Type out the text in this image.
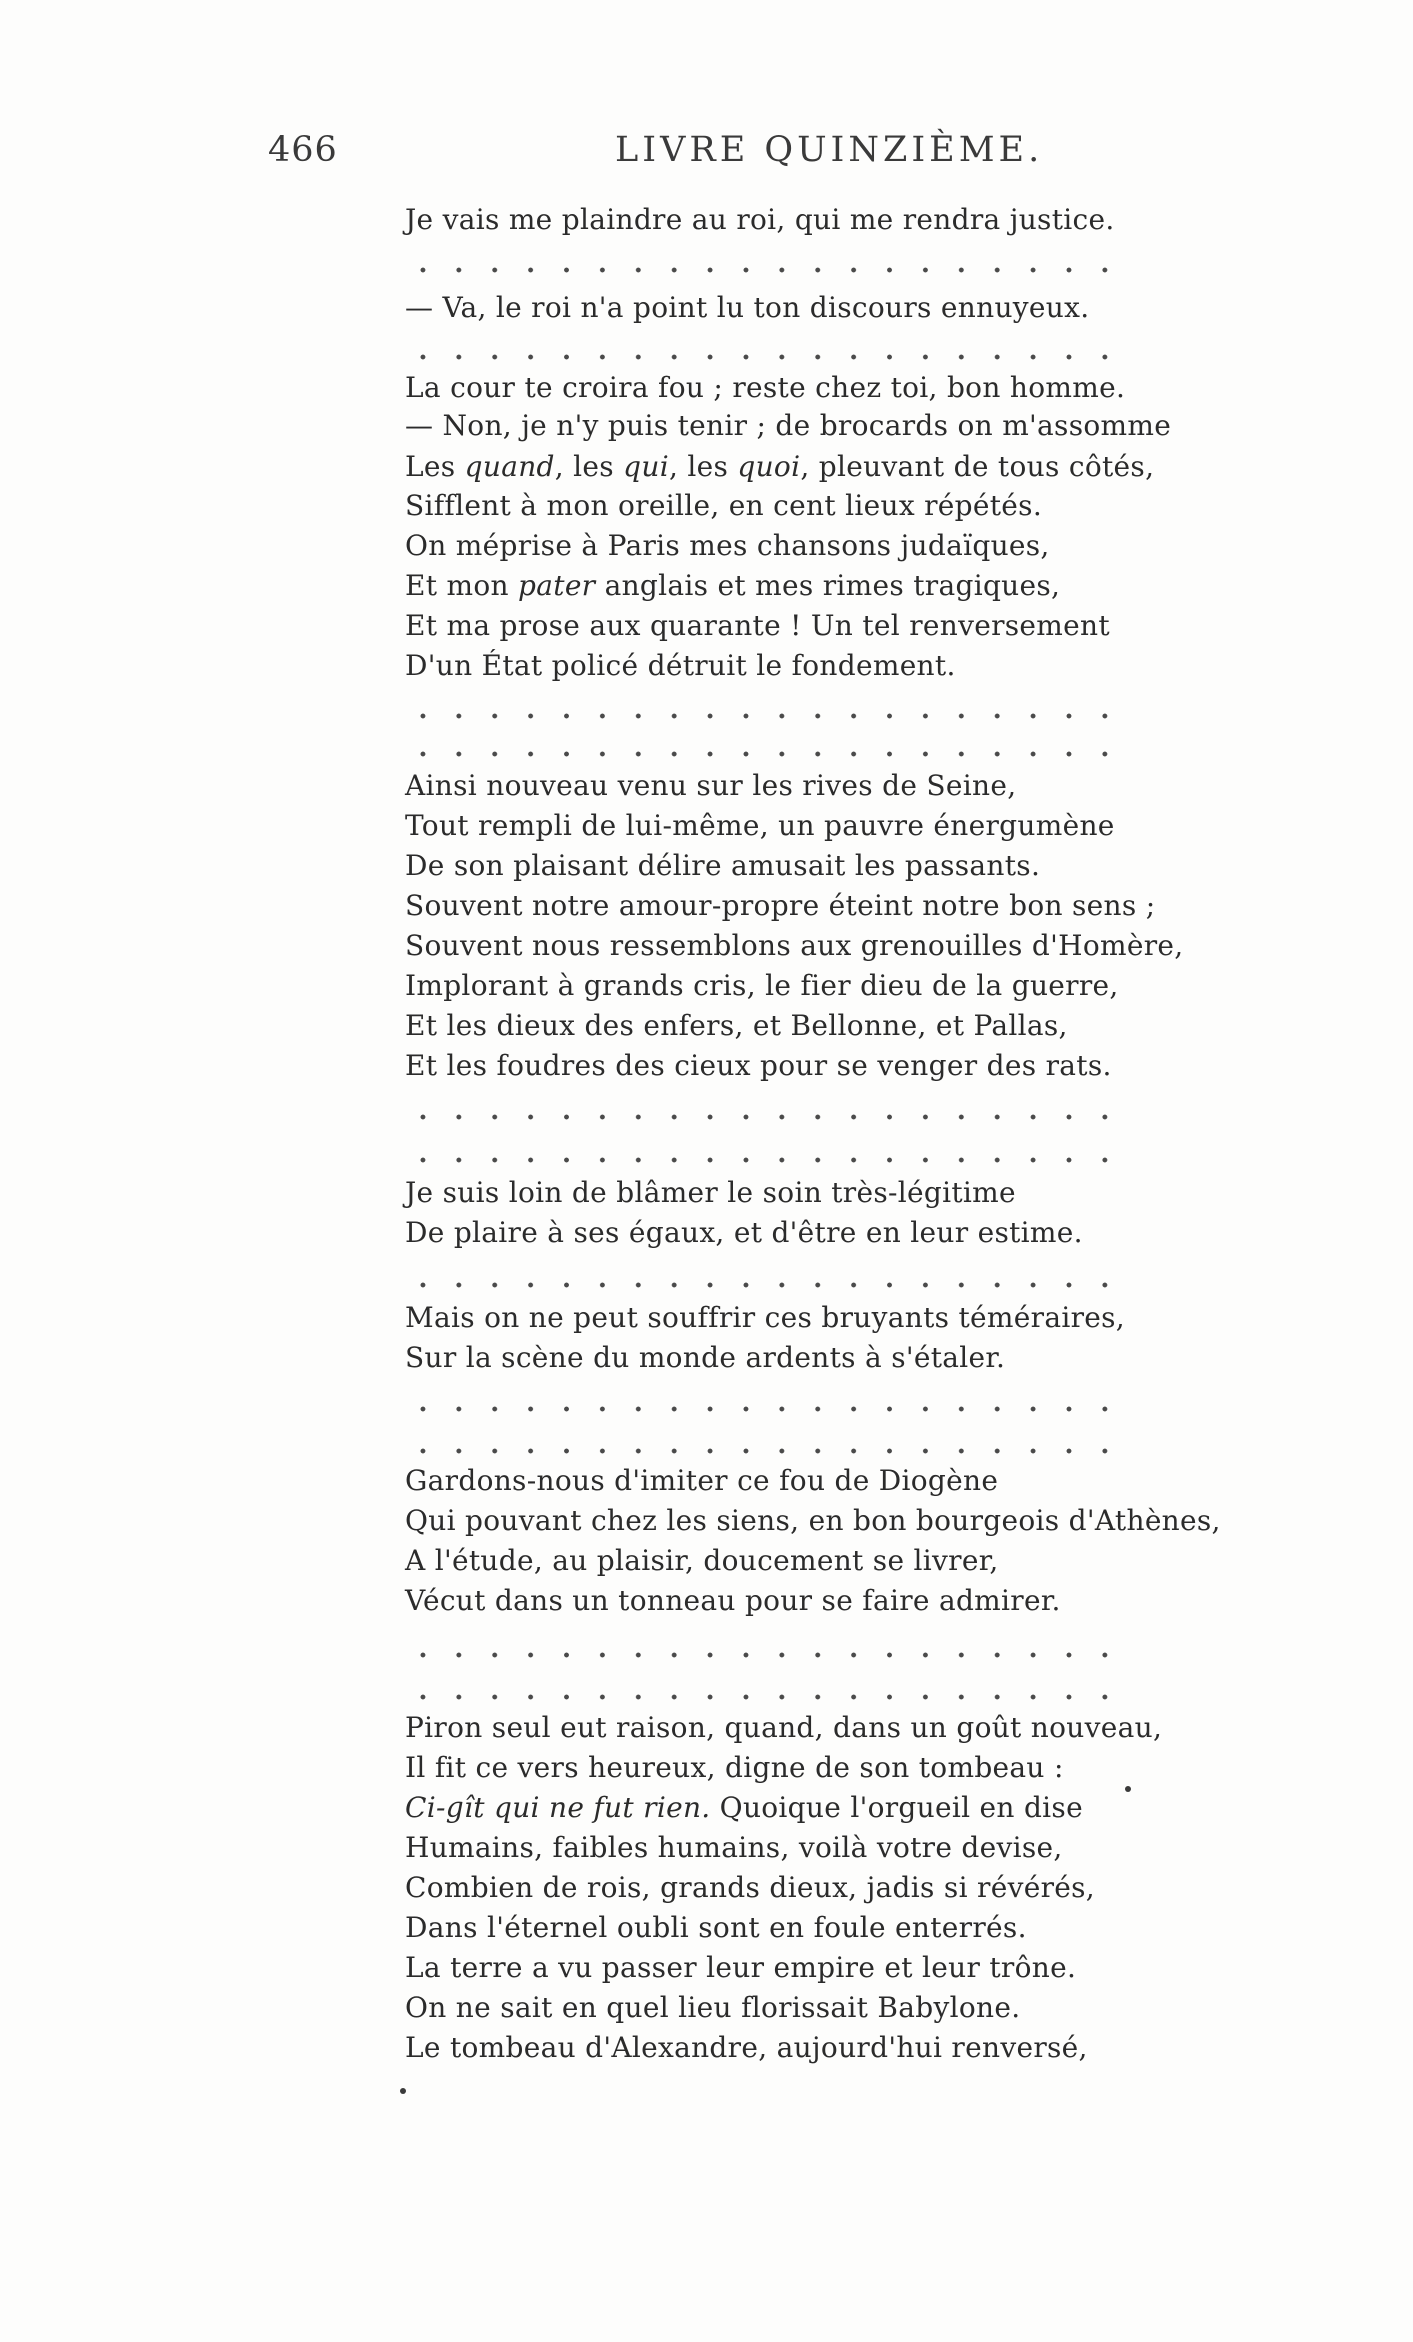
466	LIVRE QUINZIÈME.
Je vais me plaindre au roi, qui me rendra justice.
— Va, le roi n'a point lu ton discours ennuyeux.
La cour te croira fou ; reste chez toi, bon homme.
— Non, je n'y puis tenir ; de brocards on m'assomme
Les quand, les qui, les quoi, pleuvant de tous côtés,
Sifflent à mon oreille, en cent lieux répétés.
On méprise à Paris mes chansons judaïques,
Et mon pater anglais et mes rimes tragiques,
Et ma prose aux quarante ! Un tel renversement
D'un État policé détruit le fondement.
Ainsi nouveau venu sur les rives de Seine,
Tout rempli de lui-même, un pauvre énergumène
De son plaisant délire amusait les passants.
Souvent notre amour-propre éteint notre bon sens ;
Souvent nous ressemblons aux grenouilles d'Homère,
Implorant à grands cris, le fier dieu de la guerre,
Et les dieux des enfers, et Bellonne, et Pallas,
Et les foudres des cieux pour se venger des rats.
Je suis loin de blâmer le soin très-légitime
De plaire à ses égaux, et d'être en leur estime.
Mais on ne peut souffrir ces bruyants téméraires,
Sur la scène du monde ardents à s'étaler.
Gardons-nous d'imiter ce fou de Diogène
Qui pouvant chez les siens, en bon bourgeois d'Athènes,
A l'étude, au plaisir, doucement se livrer,
Vécut dans un tonneau pour se faire admirer.
Piron seul eut raison, quand, dans un goût nouveau,
Il fit ce vers heureux, digne de son tombeau :
Ci-gît qui ne fut rien. Quoique l'orgueil en dise
Humains, faibles humains, voilà votre devise,
Combien de rois, grands dieux, jadis si révérés,
Dans l'éternel oubli sont en foule enterrés.
La terre a vu passer leur empire et leur trône.
On ne sait en quel lieu florissait Babylone.
Le tombeau d'Alexandre, aujourd'hui renversé,
